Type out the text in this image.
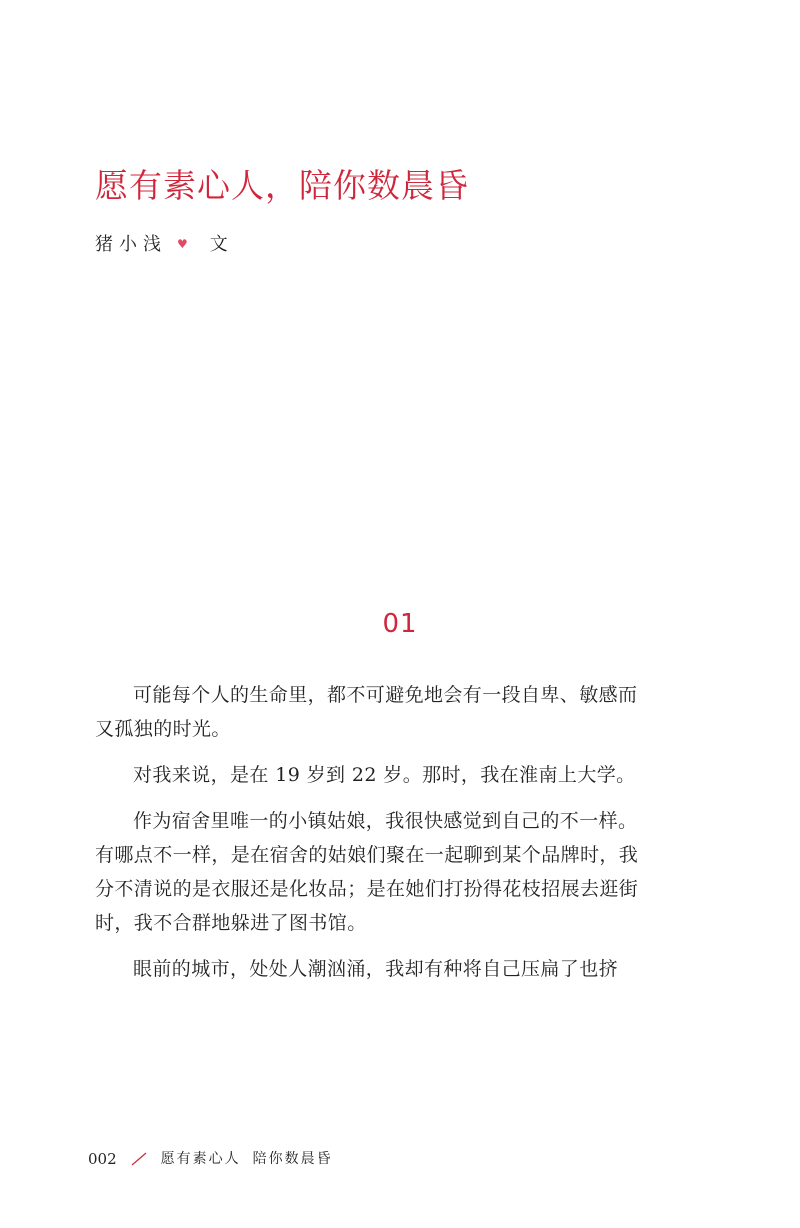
愿有素心人，陪你数晨昏
猪小浅 ♥ 文
01
可能每个人的生命里，都不可避免地会有一段自卑、敏感而
又孤独的时光。
对我来说，是在 19 岁到 22 岁。那时，我在淮南上大学。
作为宿舍里唯一的小镇姑娘，我很快感觉到自己的不一样。
有哪点不一样，是在宿舍的姑娘们聚在一起聊到某个品牌时，我
分不清说的是衣服还是化妆品；是在她们打扮得花枝招展去逛街
时，我不合群地躲进了图书馆。
眼前的城市，处处人潮汹涌，我却有种将自己压扁了也挤
002	愿有素心人 陪你数晨昏
